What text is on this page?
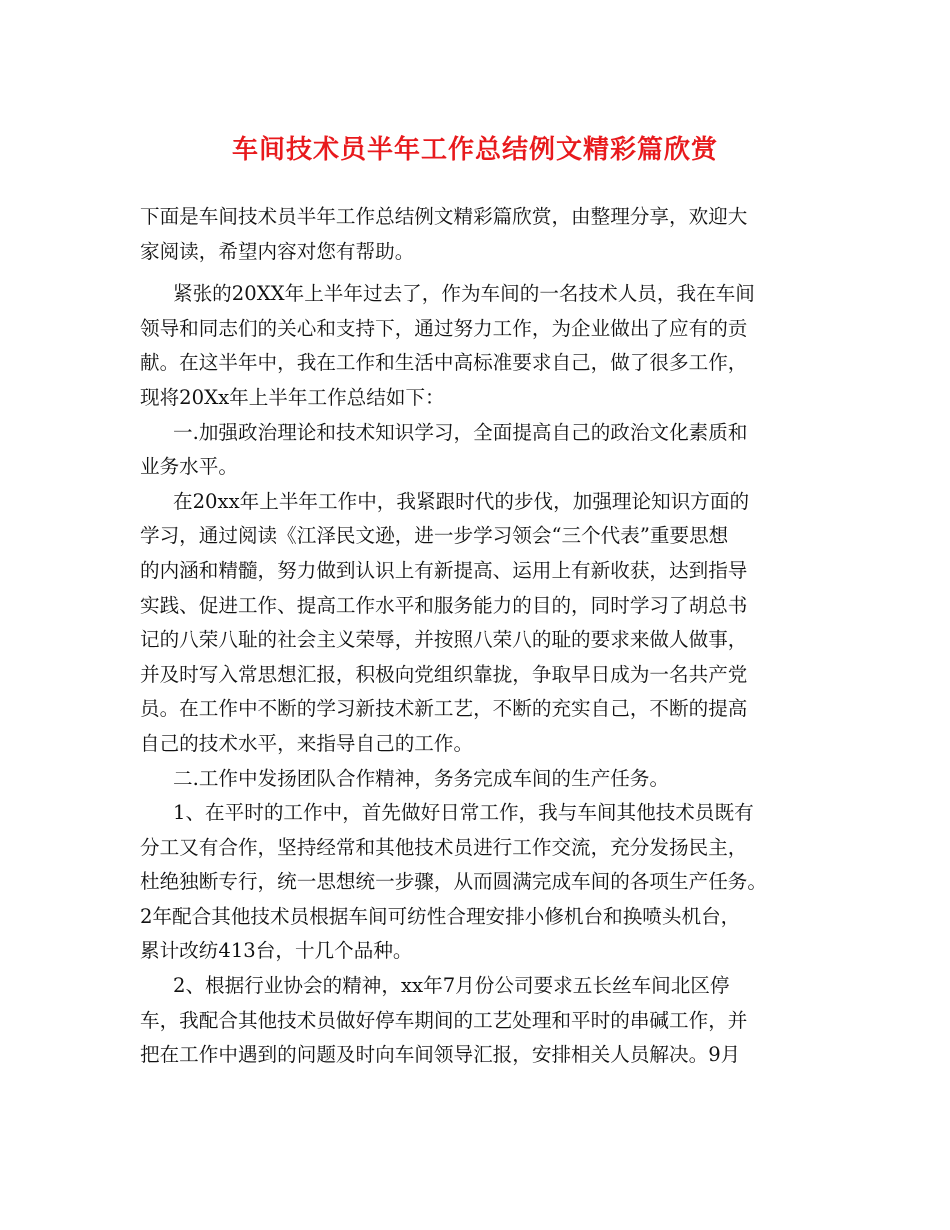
车间技术员半年工作总结例文精彩篇欣赏
下面是车间技术员半年工作总结例文精彩篇欣赏，由整理分享，欢迎大
家阅读，希望内容对您有帮助。
紧张的20XX年上半年过去了，作为车间的一名技术人员，我在车间
领导和同志们的关心和支持下，通过努力工作，为企业做出了应有的贡
献。在这半年中，我在工作和生活中高标准要求自己，做了很多工作，
现将20Xx年上半年工作总结如下：
一.加强政治理论和技术知识学习，全面提高自己的政治文化素质和
业务水平。
在20xx年上半年工作中，我紧跟时代的步伐，加强理论知识方面的
学习，通过阅读《江泽民文逊，进一步学习领会“三个代表”重要思想
的内涵和精髓，努力做到认识上有新提高、运用上有新收获，达到指导
实践、促进工作、提高工作水平和服务能力的目的，同时学习了胡总书
记的八荣八耻的社会主义荣辱，并按照八荣八的耻的要求来做人做事，
并及时写入常思想汇报，积极向党组织靠拢，争取早日成为一名共产党
员。在工作中不断的学习新技术新工艺，不断的充实自己，不断的提高
自己的技术水平，来指导自己的工作。
二.工作中发扬团队合作精神，务务完成车间的生产任务。
1、在平时的工作中，首先做好日常工作，我与车间其他技术员既有
分工又有合作，坚持经常和其他技术员进行工作交流，充分发扬民主，
杜绝独断专行，统一思想统一步骤，从而圆满完成车间的各项生产任务。
2年配合其他技术员根据车间可纺性合理安排小修机台和换喷头机台，
累计改纺413台，十几个品种。
2、根据行业协会的精神，xx年7月份公司要求五长丝车间北区停
车，我配合其他技术员做好停车期间的工艺处理和平时的串碱工作，并
把在工作中遇到的问题及时向车间领导汇报，安排相关人员解决。9月
